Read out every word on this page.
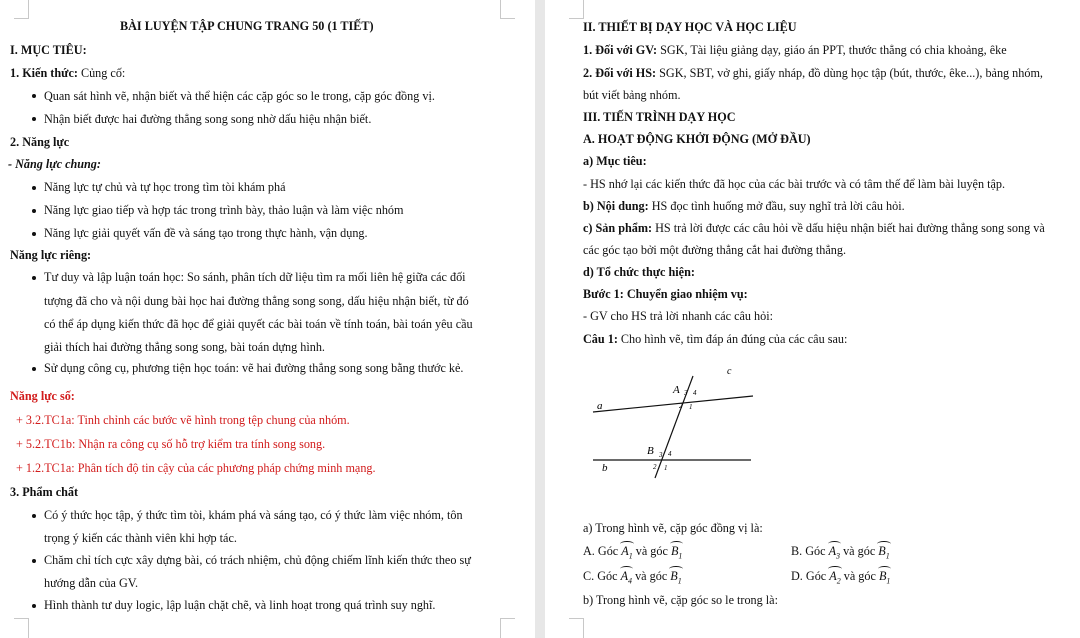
BÀI LUYỆN TẬP CHUNG TRANG 50 (1 TIẾT)
I. MỤC TIÊU:
1. Kiến thức: Củng cố:
Quan sát hình vẽ, nhận biết và thể hiện các cặp góc so le trong, cặp góc đồng vị.
Nhận biết được hai đường thẳng song song nhờ dấu hiệu nhận biết.
2. Năng lực
- Năng lực chung:
Năng lực tự chủ và tự học trong tìm tòi khám phá
Năng lực giao tiếp và hợp tác trong trình bày, thảo luận và làm việc nhóm
Năng lực giải quyết vấn đề và sáng tạo trong thực hành, vận dụng.
Năng lực riêng:
Tư duy và lập luận toán học: So sánh, phân tích dữ liệu tìm ra mối liên hệ giữa các đối
tượng đã cho và nội dung bài học hai đường thẳng song song, dấu hiệu nhận biết, từ đó
có thể áp dụng kiến thức đã học để giải quyết các bài toán về tính toán, bài toán yêu cầu
giải thích hai đường thẳng song song, bài toán dựng hình.
Sử dụng công cụ, phương tiện học toán: vẽ hai đường thẳng song song bằng thước kẻ.
Năng lực số:
+ 3.2.TC1a: Tinh chỉnh các bước vẽ hình trong tệp chung của nhóm.
+ 5.2.TC1b: Nhận ra công cụ số hỗ trợ kiểm tra tính song song.
+ 1.2.TC1a: Phân tích độ tin cậy của các phương pháp chứng minh mạng.
3. Phẩm chất
Có ý thức học tập, ý thức tìm tòi, khám phá và sáng tạo, có ý thức làm việc nhóm, tôn
trọng ý kiến các thành viên khi hợp tác.
Chăm chỉ tích cực xây dựng bài, có trách nhiệm, chủ động chiếm lĩnh kiến thức theo sự
hướng dẫn của GV.
Hình thành tư duy logic, lập luận chặt chẽ, và linh hoạt trong quá trình suy nghĩ.
II. THIẾT BỊ DẠY HỌC VÀ HỌC LIỆU
1. Đối với GV: SGK, Tài liệu giảng dạy, giáo án PPT, thước thẳng có chia khoảng, êke
2. Đối với HS: SGK, SBT, vở ghi, giấy nháp, đồ dùng học tập (bút, thước, êke...), bảng nhóm,
bút viết bảng nhóm.
III. TIẾN TRÌNH DẠY HỌC
A. HOẠT ĐỘNG KHỞI ĐỘNG (MỞ ĐẦU)
a) Mục tiêu:
- HS nhớ lại các kiến thức đã học của các bài trước và có tâm thế để làm bài luyện tập.
b) Nội dung: HS đọc tình huống mở đầu, suy nghĩ trả lời câu hỏi.
c) Sản phẩm: HS trả lời được các câu hỏi về dấu hiệu nhận biết hai đường thẳng song song và
các góc tạo bởi một đường thẳng cắt hai đường thẳng.
d) Tổ chức thực hiện:
Bước 1: Chuyển giao nhiệm vụ:
- GV cho HS trả lời nhanh các câu hỏi:
Câu 1: Cho hình vẽ, tìm đáp án đúng của các câu sau:
c
a
b
A 3 4
2 1
B 3 4
2 1
a) Trong hình vẽ, cặp góc đồng vị là:
A. Góc $A_1$ và góc $B_1$	B. Góc $A_3$ và góc $B_1$
C. Góc $A_4$ và góc $B_1$	D. Góc $A_2$ và góc $B_1$
b) Trong hình vẽ, cặp góc so le trong là:
